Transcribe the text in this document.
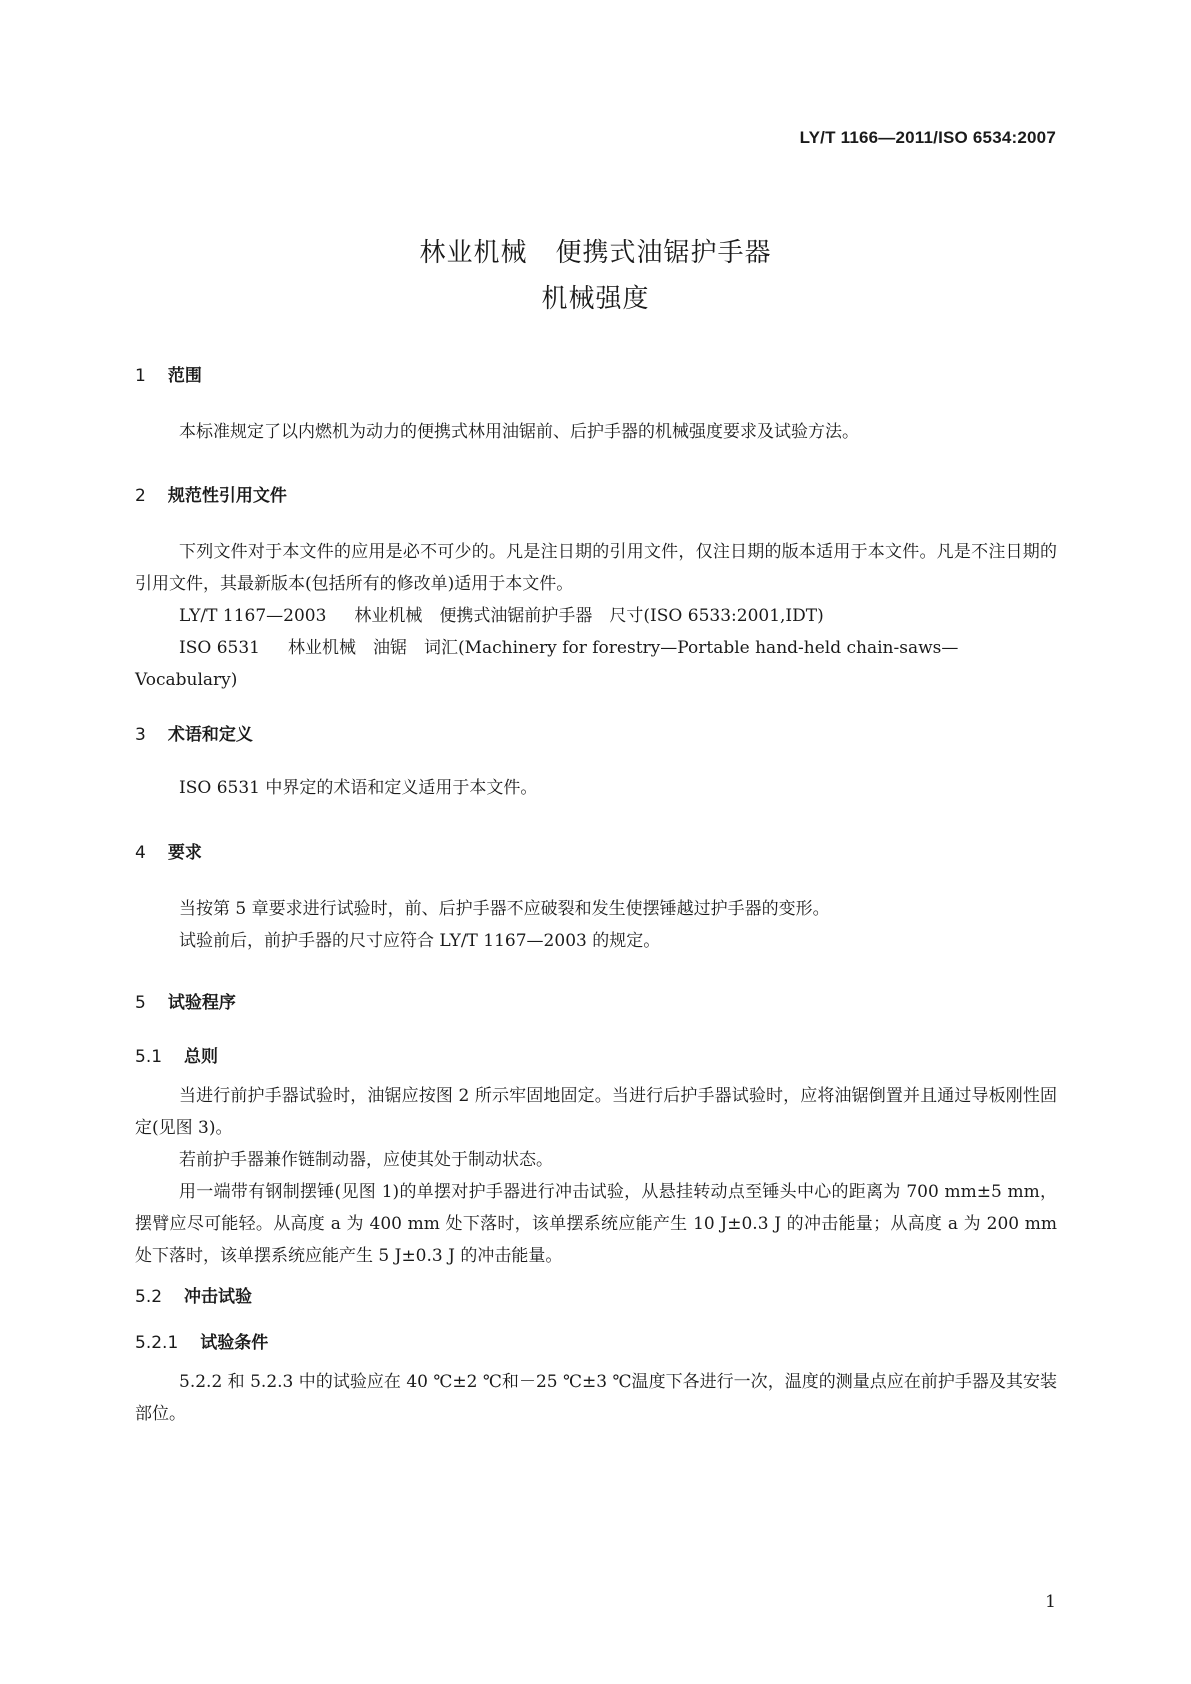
LY/T 1166—2011/ISO 6534:2007
林业机械 便携式油锯护手器
机械强度
1 范围

本标准规定了以内燃机为动力的便携式林用油锯前、后护手器的机械强度要求及试验方法。

2 规范性引用文件

下列文件对于本文件的应用是必不可少的。凡是注日期的引用文件，仅注日期的版本适用于本文件。凡是不注日期的引用文件，其最新版本(包括所有的修改单)适用于本文件。

LY/T 1167—2003 林业机械　便携式油锯前护手器　尺寸(ISO 6533:2001,IDT)

ISO 6531 林业机械　油锯　词汇(Machinery for forestry—Portable hand-held chain-saws—Vocabulary)

3 术语和定义

ISO 6531 中界定的术语和定义适用于本文件。

4 要求

当按第 5 章要求进行试验时，前、后护手器不应破裂和发生使摆锤越过护手器的变形。

试验前后，前护手器的尺寸应符合 LY/T 1167—2003 的规定。

5 试验程序
5.1 总则

当进行前护手器试验时，油锯应按图 2 所示牢固地固定。当进行后护手器试验时，应将油锯倒置并且通过导板刚性固定(见图 3)。

若前护手器兼作链制动器，应使其处于制动状态。

用一端带有钢制摆锤(见图 1)的单摆对护手器进行冲击试验，从悬挂转动点至锤头中心的距离为 700 mm±5 mm，摆臂应尽可能轻。从高度 a 为 400 mm 处下落时，该单摆系统应能产生 10 J±0.3 J 的冲击能量；从高度 a 为 200 mm 处下落时，该单摆系统应能产生 5 J±0.3 J 的冲击能量。

5.2 冲击试验
5.2.1 试验条件

5.2.2 和 5.2.3 中的试验应在 40 ℃±2 ℃和－25 ℃±3 ℃温度下各进行一次，温度的测量点应在前护手器及其安装部位。

1
